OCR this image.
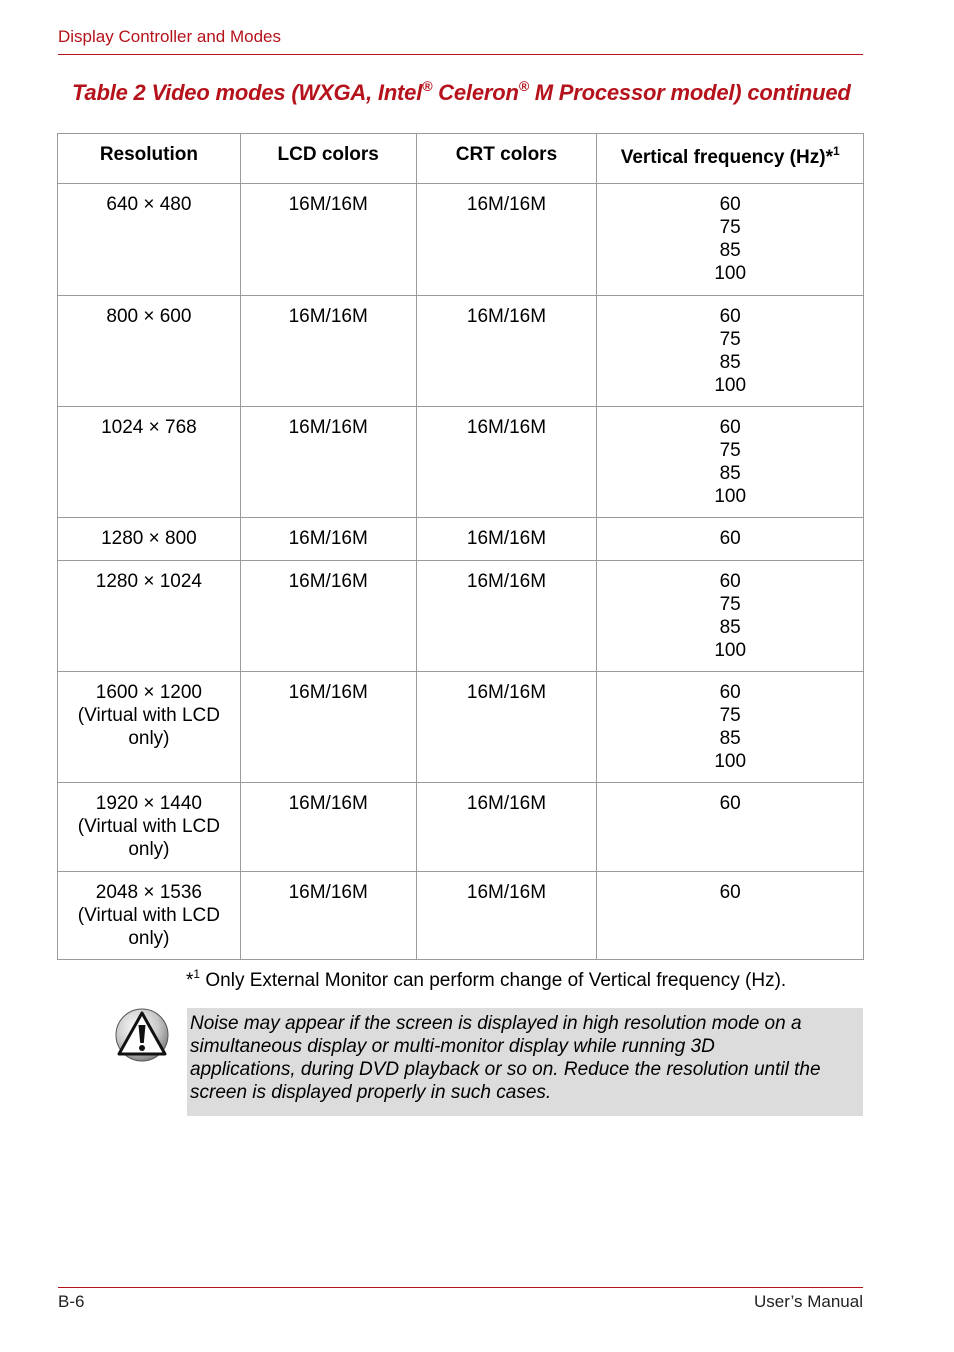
Display Controller and Modes
Table 2 Video modes (WXGA, Intel® Celeron® M Processor model) continued
Resolution	LCD colors	CRT colors	Vertical frequency (Hz)*$^1$

640 × 480	16M/16M	16M/16M	60
75
85
100

800 × 600	16M/16M	16M/16M	60
75
85
100

1024 × 768	16M/16M	16M/16M	60
75
85
100

1280 × 800	16M/16M	16M/16M	60

1280 × 1024	16M/16M	16M/16M	60
75
85
100

1600 × 1200
(Virtual with LCD
only)	16M/16M	16M/16M	60
75
85
100

1920 × 1440
(Virtual with LCD
only)	16M/16M	16M/16M	60

2048 × 1536
(Virtual with LCD
only)	16M/16M	16M/16M	60
*$^1$ Only External Monitor can perform change of Vertical frequency (Hz).
Noise may appear if the screen is displayed in high resolution mode on a
simultaneous display or multi-monitor display while running 3D
applications, during DVD playback or so on. Reduce the resolution until the
screen is displayed properly in such cases.
B-6	User’s Manual
